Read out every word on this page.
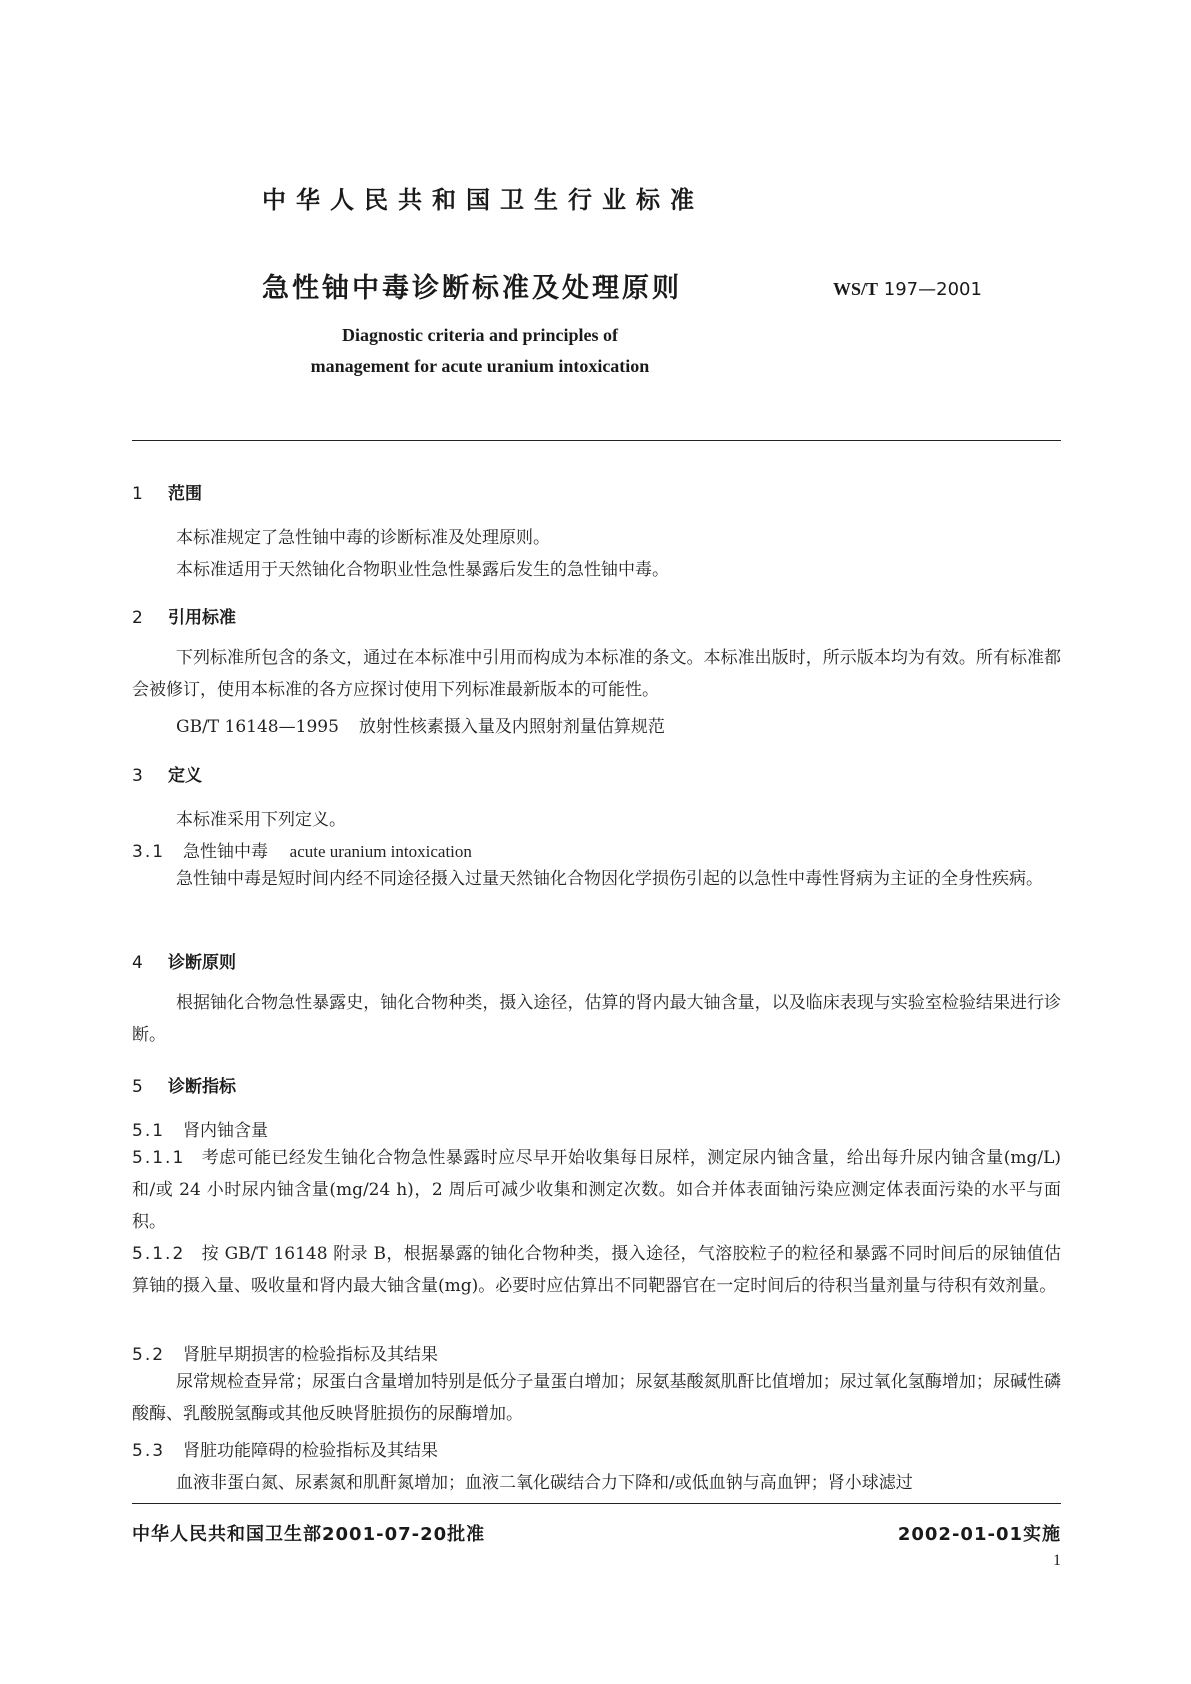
中华人民共和国卫生行业标准
急性铀中毒诊断标准及处理原则	WS/T 197—2001
Diagnostic criteria and principles of
management for acute uranium intoxication
1 范围
本标准规定了急性铀中毒的诊断标准及处理原则。
本标准适用于天然铀化合物职业性急性暴露后发生的急性铀中毒。
2 引用标准
下列标准所包含的条文，通过在本标准中引用而构成为本标准的条文。本标准出版时，所示版本均为有效。所有标准都会被修订，使用本标准的各方应探讨使用下列标准最新版本的可能性。
GB/T 16148—1995 放射性核素摄入量及内照射剂量估算规范
3 定义
本标准采用下列定义。
3.1 急性铀中毒 acute uranium intoxication
急性铀中毒是短时间内经不同途径摄入过量天然铀化合物因化学损伤引起的以急性中毒性肾病为主证的全身性疾病。
4 诊断原则
根据铀化合物急性暴露史，铀化合物种类，摄入途径，估算的肾内最大铀含量，以及临床表现与实验室检验结果进行诊断。
5 诊断指标
5.1 肾内铀含量
5.1.1 考虑可能已经发生铀化合物急性暴露时应尽早开始收集每日尿样，测定尿内铀含量，给出每升尿内铀含量(mg/L)和/或 24 小时尿内铀含量(mg/24 h)，2 周后可减少收集和测定次数。如合并体表面铀污染应测定体表面污染的水平与面积。
5.1.2 按 GB/T 16148 附录 B，根据暴露的铀化合物种类，摄入途径，气溶胶粒子的粒径和暴露不同时间后的尿铀值估算铀的摄入量、吸收量和肾内最大铀含量(mg)。必要时应估算出不同靶器官在一定时间后的待积当量剂量与待积有效剂量。
5.2 肾脏早期损害的检验指标及其结果
尿常规检查异常；尿蛋白含量增加特别是低分子量蛋白增加；尿氨基酸氮肌酐比值增加；尿过氧化氢酶增加；尿碱性磷酸酶、乳酸脱氢酶或其他反映肾脏损伤的尿酶增加。
5.3 肾脏功能障碍的检验指标及其结果
血液非蛋白氮、尿素氮和肌酐氮增加；血液二氧化碳结合力下降和/或低血钠与高血钾；肾小球滤过
中华人民共和国卫生部2001-07-20批准	2002-01-01实施
1
